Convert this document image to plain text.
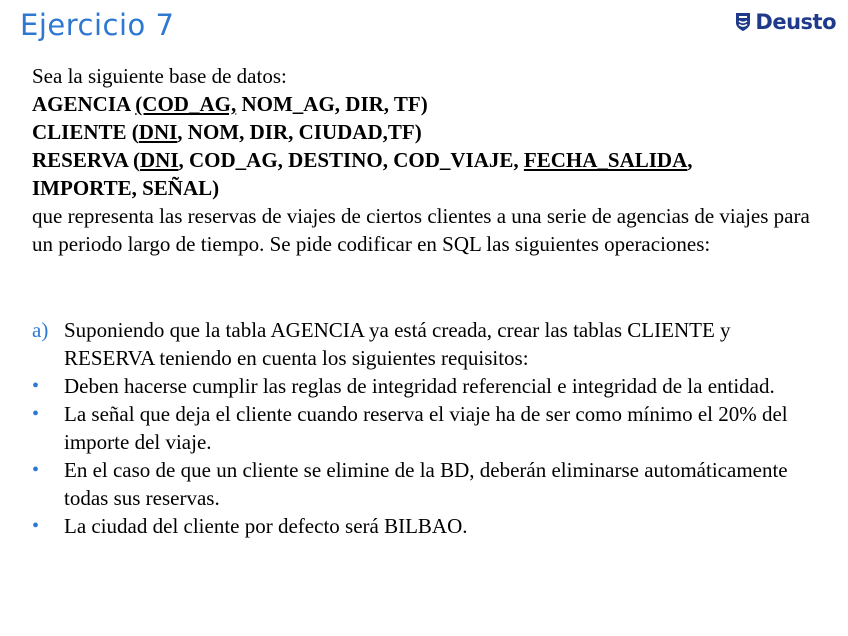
Ejercicio 7	Deusto
Sea la siguiente base de datos:
AGENCIA (COD_AG, NOM_AG, DIR, TF)
CLIENTE (DNI, NOM, DIR, CIUDAD,TF)
RESERVA (DNI, COD_AG, DESTINO, COD_VIAJE, FECHA_SALIDA,
IMPORTE, SEÑAL)
que representa las reservas de viajes de ciertos clientes a una serie de agencias de viajes para un periodo largo de tiempo. Se pide codificar en SQL las siguientes operaciones:
a) Suponiendo que la tabla AGENCIA ya está creada, crear las tablas CLIENTE y RESERVA teniendo en cuenta los siguientes requisitos:
•	Deben hacerse cumplir las reglas de integridad referencial e integridad de la entidad.
•	La señal que deja el cliente cuando reserva el viaje ha de ser como mínimo el 20% del importe del viaje.
•	En el caso de que un cliente se elimine de la BD, deberán eliminarse automáticamente todas sus reservas.
•	La ciudad del cliente por defecto será BILBAO.
